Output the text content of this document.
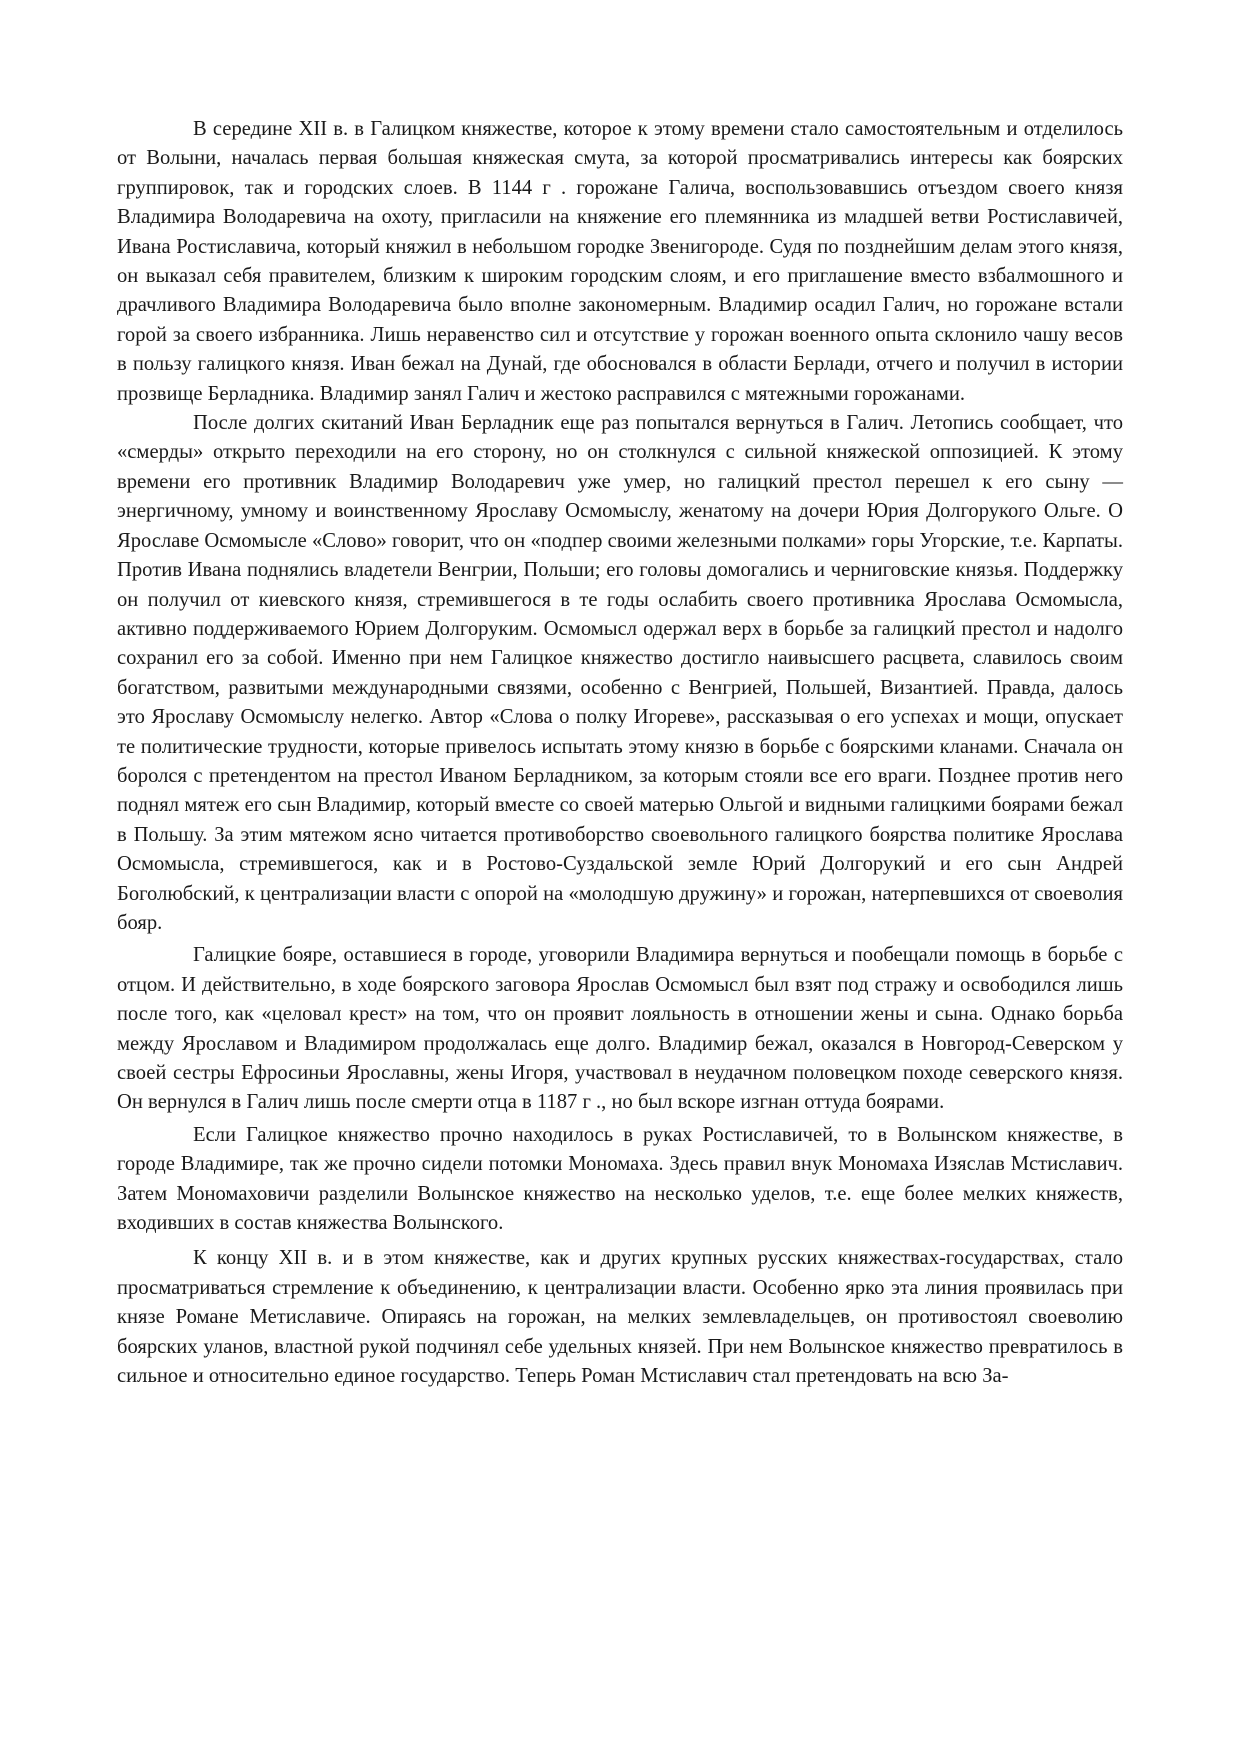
В середине XII в. в Галицком княжестве, которое к этому времени стало самостоятельным и отделилось от Волыни, началась первая большая княжеская смута, за которой просматривались интересы как боярских группировок, так и городских слоев. В 1144 г . горожане Галича, воспользовавшись отъездом своего князя Владимира Володаревича на охоту, пригласили на княжение его племянника из младшей ветви Ростиславичей, Ивана Ростиславича, который княжил в небольшом городке Звенигороде. Судя по позднейшим делам этого князя, он выказал себя правителем, близким к широким городским слоям, и его приглашение вместо взбалмошного и драчливого Владимира Володаревича было вполне закономерным. Владимир осадил Галич, но горожане встали горой за своего избранника. Лишь неравенство сил и отсутствие у горожан военного опыта склонило чашу весов в пользу галицкого князя. Иван бежал на Дунай, где обосновался в области Берлади, отчего и получил в истории прозвище Берладника. Владимир занял Галич и жестоко расправился с мятежными горожанами.

После долгих скитаний Иван Берладник еще раз попытался вернуться в Галич. Летопись сообщает, что «смерды» открыто переходили на его сторону, но он столкнулся с сильной княжеской оппозицией. К этому времени его противник Владимир Володаревич уже умер, но галицкий престол перешел к его сыну — энергичному, умному и воинственному Ярославу Осмомыслу, женатому на дочери Юрия Долгорукого Ольге. О Ярославе Осмомысле «Слово» говорит, что он «подпер своими железными полками» горы Угорские, т.е. Карпаты. Против Ивана поднялись владетели Венгрии, Польши; его головы домогались и черниговские князья. Поддержку он получил от киевского князя, стремившегося в те годы ослабить своего противника Ярослава Осмомысла, активно поддерживаемого Юрием Долгоруким. Осмомысл одержал верх в борьбе за галицкий престол и надолго сохранил его за собой. Именно при нем Галицкое княжество достигло наивысшего расцвета, славилось своим богатством, развитыми международными связями, особенно с Венгрией, Польшей, Византией. Правда, далось это Ярославу Осмомыслу нелегко. Автор «Слова о полку Игореве», рассказывая о его успехах и мощи, опускает те политические трудности, которые привелось испытать этому князю в борьбе с боярскими кланами. Сначала он боролся с претендентом на престол Иваном Берладником, за которым стояли все его враги. Позднее против него поднял мятеж его сын Владимир, который вместе со своей матерью Ольгой и видными галицкими боярами бежал в Польшу. За этим мятежом ясно читается противоборство своевольного галицкого боярства политике Ярослава Осмомысла, стремившегося, как и в Ростово-Суздальской земле Юрий Долгорукий и его сын Андрей Боголюбский, к централизации власти с опорой на «молодшую дружину» и горожан, натерпевшихся от своеволия бояр.

Галицкие бояре, оставшиеся в городе, уговорили Владимира вернуться и пообещали помощь в борьбе с отцом. И действительно, в ходе боярского заговора Ярослав Осмомысл был взят под стражу и освободился лишь после того, как «целовал крест» на том, что он проявит лояльность в отношении жены и сына. Однако борьба между Ярославом и Владимиром продолжалась еще долго. Владимир бежал, оказался в Новгород-Северском у своей сестры Ефросиньи Ярославны, жены Игоря, участвовал в неудачном половецком походе северского князя. Он вернулся в Галич лишь после смерти отца в 1187 г ., но был вскоре изгнан оттуда боярами.

Если Галицкое княжество прочно находилось в руках Ростиславичей, то в Волынском княжестве, в городе Владимире, так же прочно сидели потомки Мономаха. Здесь правил внук Мономаха Изяслав Мстиславич. Затем Мономаховичи разделили Волынское княжество на несколько уделов, т.е. еще более мелких княжеств, входивших в состав княжества Волынского.

К концу XII в. и в этом княжестве, как и других крупных русских княжествах-государствах, стало просматриваться стремление к объединению, к централизации власти. Особенно ярко эта линия проявилась при князе Романе Метиславиче. Опираясь на горожан, на мелких землевладельцев, он противостоял своеволию боярских уланов, властной рукой подчинял себе удельных князей. При нем Волынское княжество превратилось в сильное и относительно единое государство. Теперь Роман Мстиславич стал претендовать на всю За-
